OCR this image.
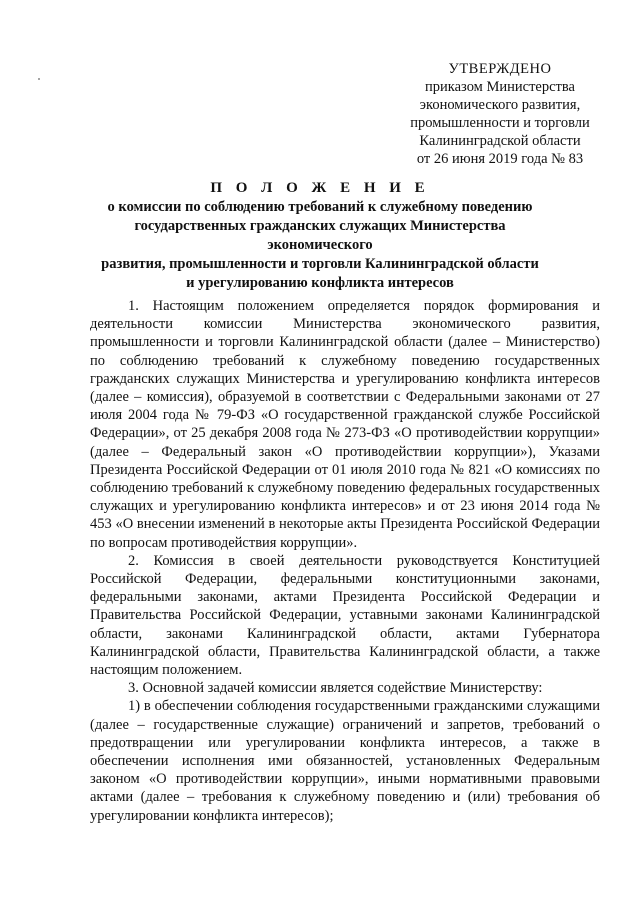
УТВЕРЖДЕНО
приказом Министерства
экономического развития,
промышленности и торговли
Калининградской области
от 26 июня 2019 года № 83
П О Л О Ж Е Н И Е
о комиссии по соблюдению требований к служебному поведению
государственных гражданских служащих Министерства экономического
развития, промышленности и торговли Калининградской области
и урегулированию конфликта интересов

1. Настоящим положением определяется порядок формирования и деятельности комиссии Министерства экономического развития, промышленности и торговли Калининградской области (далее – Министерство) по соблюдению требований к служебному поведению государственных гражданских служащих Министерства и урегулированию конфликта интересов (далее – комиссия), образуемой в соответствии с Федеральными законами от 27 июля 2004 года № 79-ФЗ «О государственной гражданской службе Российской Федерации», от 25 декабря 2008 года № 273-ФЗ «О противодействии коррупции» (далее – Федеральный закон «О противодействии коррупции»), Указами Президента Российской Федерации от 01 июля 2010 года № 821 «О комиссиях по соблюдению требований к служебному поведению федеральных государственных служащих и урегулированию конфликта интересов» и от 23 июня 2014 года № 453 «О внесении изменений в некоторые акты Президента Российской Федерации по вопросам противодействия коррупции».

2. Комиссия в своей деятельности руководствуется Конституцией Российской Федерации, федеральными конституционными законами, федеральными законами, актами Президента Российской Федерации и Правительства Российской Федерации, уставными законами Калининградской области, законами Калининградской области, актами Губернатора Калининградской области, Правительства Калининградской области, а также настоящим положением.

3. Основной задачей комиссии является содействие Министерству:

1) в обеспечении соблюдения государственными гражданскими служащими (далее – государственные служащие) ограничений и запретов, требований о предотвращении или урегулировании конфликта интересов, а также в обеспечении исполнения ими обязанностей, установленных Федеральным законом «О противодействии коррупции», иными нормативными правовыми актами (далее – требования к служебному поведению и (или) требования об урегулировании конфликта интересов);
